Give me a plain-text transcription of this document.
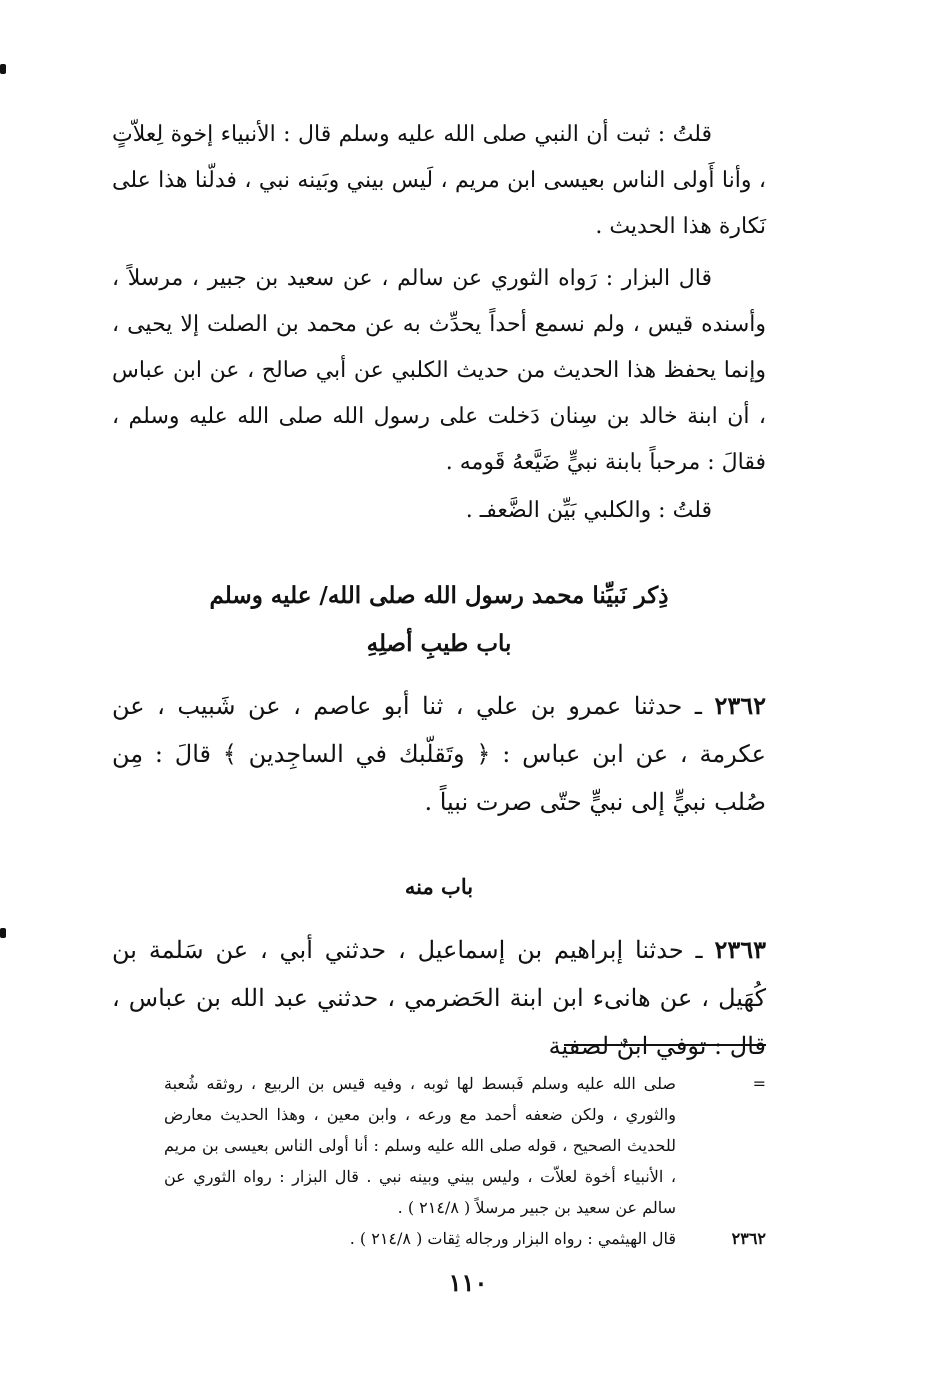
قلتُ : ثبت أن النبي صلى الله عليه وسلم قال : الأنبياء إخوة لِعلاّتٍ ، وأنا أَولى الناس بعيسى ابن مريم ، لَيس بيني وبَينه نبي ، فدلّنا هذا على نَكارة هذا الحديث .

قال البزار : رَواه الثوري عن سالم ، عن سعيد بن جبير ، مرسلاً ، وأسنده قيس ، ولم نسمع أحداً يحدِّث به عن محمد بن الصلت إلا يحيى ، وإنما يحفظ هذا الحديث من حديث الكلبي عن أبي صالح ، عن ابن عباس ، أن ابنة خالد بن سِنان دَخلت على رسول الله صلى الله عليه وسلم ، فقالَ : مرحباً بابنة نبيٍّ ضَيَّعهُ قَومه .

قلتُ : والكلبي بَيِّن الضَّعفـ .

ذِكر نَبيِّنا محمد رسول الله صلى الله/ عليه وسلم
باب طيبِ أصلِهِ

٢٣٦٢ ـ حدثنا عمرو بن علي ، ثنا أبو عاصم ، عن شَبيب ، عن عكرمة ، عن ابن عباس : ﴿ وتَقلّبك في الساجِدين ﴾ قالَ : مِن صُلب نبيٍّ إلى نبيٍّ حتّى صرت نبياً .

باب منه

٢٣٦٣ ـ حدثنا إبراهيم بن إسماعيل ، حدثني أبي ، عن سَلمة بن كُهَيل ، عن هانىء ابن ابنة الحَضرمي ، حدثني عبد الله بن عباس ، قال : توفي ابنٌ لصفية

=
صلى الله عليه وسلم فَبسط لها ثوبه ، وفيه قيس بن الربيع ، روثقه شُعبة والثوري ، ولكن ضعفه أحمد مع ورعه ، وابن معين ، وهذا الحديث معارض للحديث الصحيح ، قوله صلى الله عليه وسلم : أنا أولى الناس بعيسى بن مريم ، الأنبياء أخوة لعلاّت ، وليس بيني وبينه نبي . قال البزار : رواه الثوري عن سالم عن سعيد بن جبير مرسلاً ( ٢١٤/٨ ) .
٢٣٦٢
قال الهيثمي : رواه البزار ورجاله ثِقات ( ٢١٤/٨ ) .
١١٠
